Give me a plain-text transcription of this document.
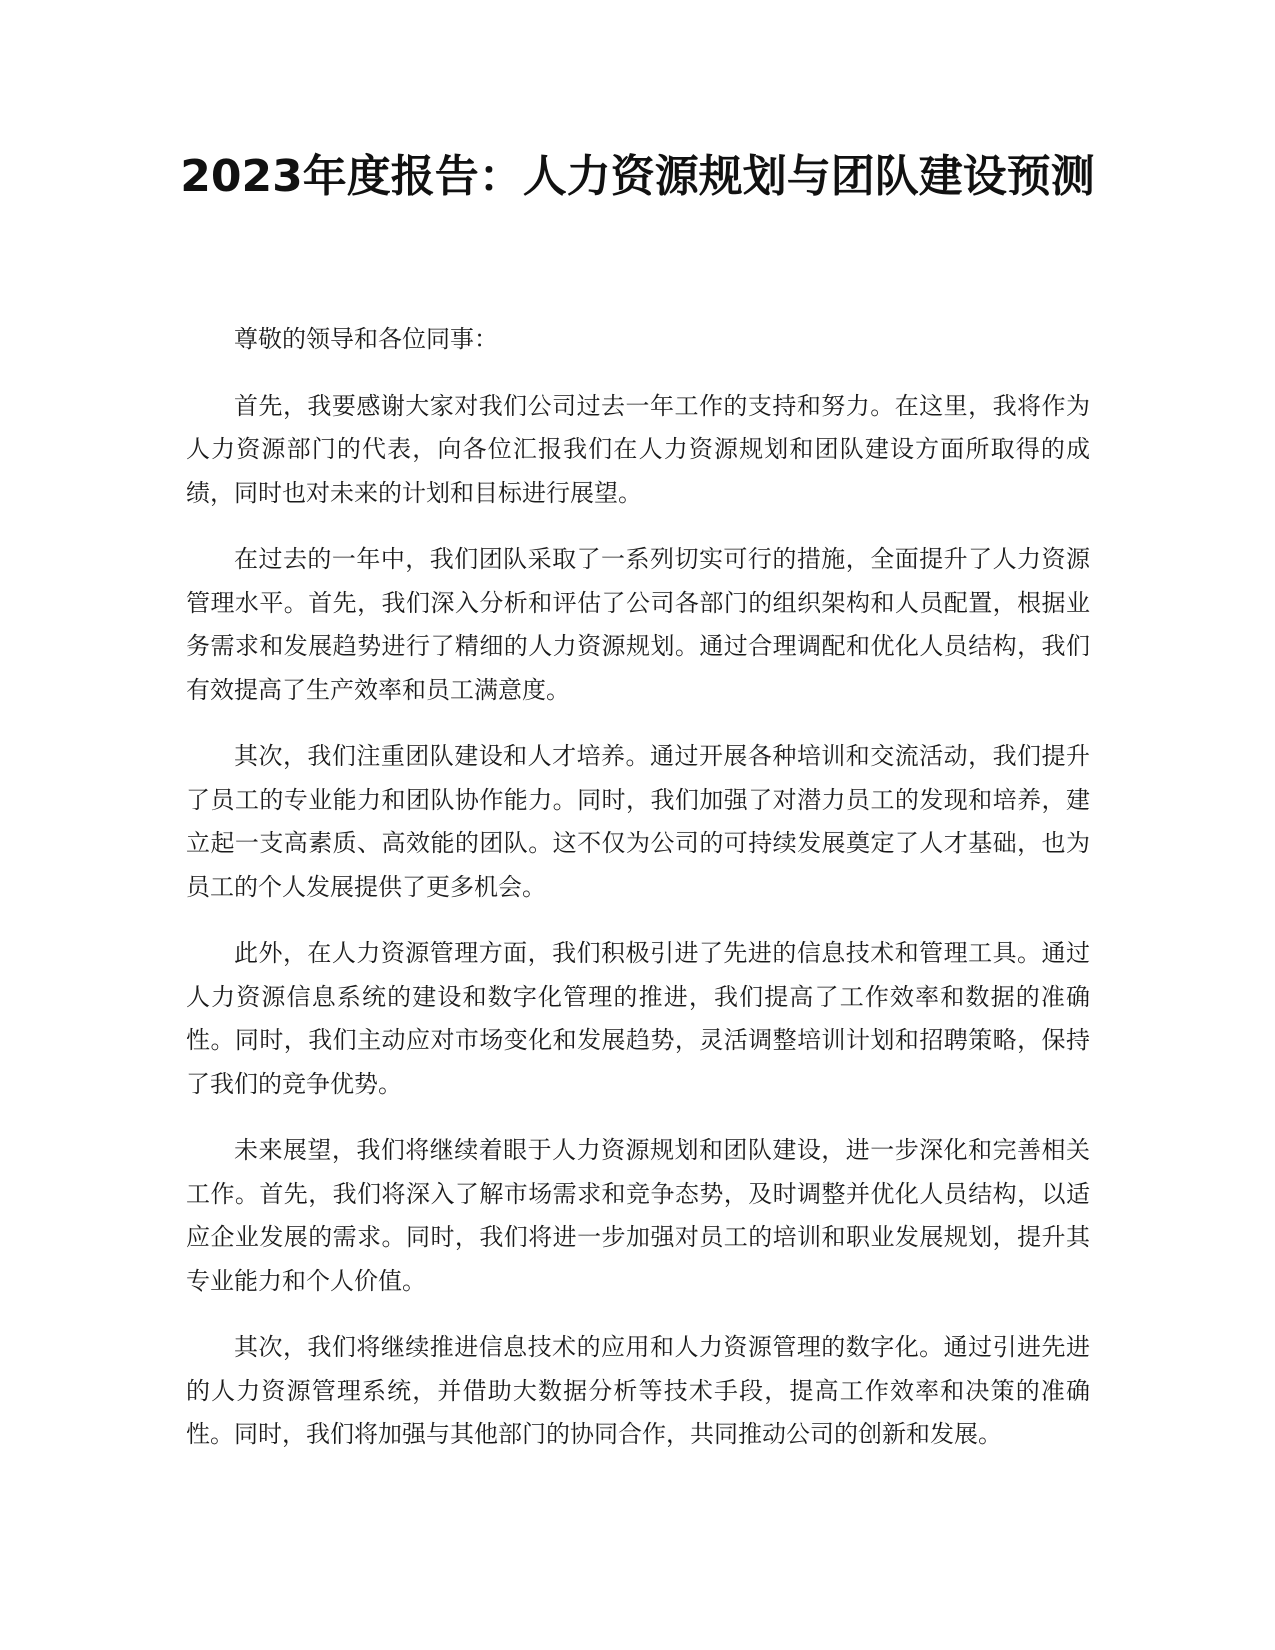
2023年度报告：人力资源规划与团队建设预测

尊敬的领导和各位同事：

首先，我要感谢大家对我们公司过去一年工作的支持和努力。在这里，我将作为人力资源部门的代表，向各位汇报我们在人力资源规划和团队建设方面所取得的成绩，同时也对未来的计划和目标进行展望。

在过去的一年中，我们团队采取了一系列切实可行的措施，全面提升了人力资源管理水平。首先，我们深入分析和评估了公司各部门的组织架构和人员配置，根据业务需求和发展趋势进行了精细的人力资源规划。通过合理调配和优化人员结构，我们有效提高了生产效率和员工满意度。

其次，我们注重团队建设和人才培养。通过开展各种培训和交流活动，我们提升了员工的专业能力和团队协作能力。同时，我们加强了对潜力员工的发现和培养，建立起一支高素质、高效能的团队。这不仅为公司的可持续发展奠定了人才基础，也为员工的个人发展提供了更多机会。

此外，在人力资源管理方面，我们积极引进了先进的信息技术和管理工具。通过人力资源信息系统的建设和数字化管理的推进，我们提高了工作效率和数据的准确性。同时，我们主动应对市场变化和发展趋势，灵活调整培训计划和招聘策略，保持了我们的竞争优势。

未来展望，我们将继续着眼于人力资源规划和团队建设，进一步深化和完善相关工作。首先，我们将深入了解市场需求和竞争态势，及时调整并优化人员结构，以适应企业发展的需求。同时，我们将进一步加强对员工的培训和职业发展规划，提升其专业能力和个人价值。

其次，我们将继续推进信息技术的应用和人力资源管理的数字化。通过引进先进的人力资源管理系统，并借助大数据分析等技术手段，提高工作效率和决策的准确性。同时，我们将加强与其他部门的协同合作，共同推动公司的创新和发展。
